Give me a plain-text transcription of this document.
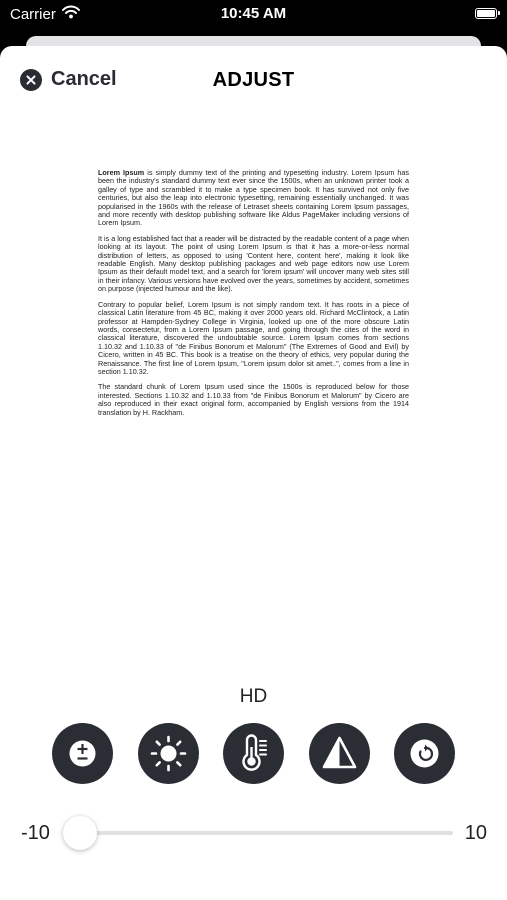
Carrier	10:45 AM
Cancel	ADJUST

Lorem Ipsum is simply dummy text of the printing and typesetting industry. Lorem Ipsum has been the industry's standard dummy text ever since the 1500s, when an unknown printer took a galley of type and scrambled it to make a type specimen book. It has survived not only five centuries, but also the leap into electronic typesetting, remaining essentially unchanged. It was popularised in the 1960s with the release of Letraset sheets containing Lorem Ipsum passages, and more recently with desktop publishing software like Aldus PageMaker including versions of Lorem Ipsum.

It is a long established fact that a reader will be distracted by the readable content of a page when looking at its layout. The point of using Lorem Ipsum is that it has a more-or-less normal distribution of letters, as opposed to using 'Content here, content here', making it look like readable English. Many desktop publishing packages and web page editors now use Lorem Ipsum as their default model text, and a search for 'lorem ipsum' will uncover many web sites still in their infancy. Various versions have evolved over the years, sometimes by accident, sometimes on purpose (injected humour and the like).

Contrary to popular belief, Lorem Ipsum is not simply random text. It has roots in a piece of classical Latin literature from 45 BC, making it over 2000 years old. Richard McClintock, a Latin professor at Hampden-Sydney College in Virginia, looked up one of the more obscure Latin words, consectetur, from a Lorem Ipsum passage, and going through the cites of the word in classical literature, discovered the undoubtable source. Lorem Ipsum comes from sections 1.10.32 and 1.10.33 of "de Finibus Bonorum et Malorum" (The Extremes of Good and Evil) by Cicero, written in 45 BC. This book is a treatise on the theory of ethics, very popular during the Renaissance. The first line of Lorem Ipsum, "Lorem ipsum dolor sit amet..", comes from a line in section 1.10.32.

The standard chunk of Lorem Ipsum used since the 1500s is reproduced below for those interested. Sections 1.10.32 and 1.10.33 from "de Finibus Bonorum et Malorum" by Cicero are also reproduced in their exact original form, accompanied by English versions from the 1914 translation by H. Rackham.

HD
-10	10
